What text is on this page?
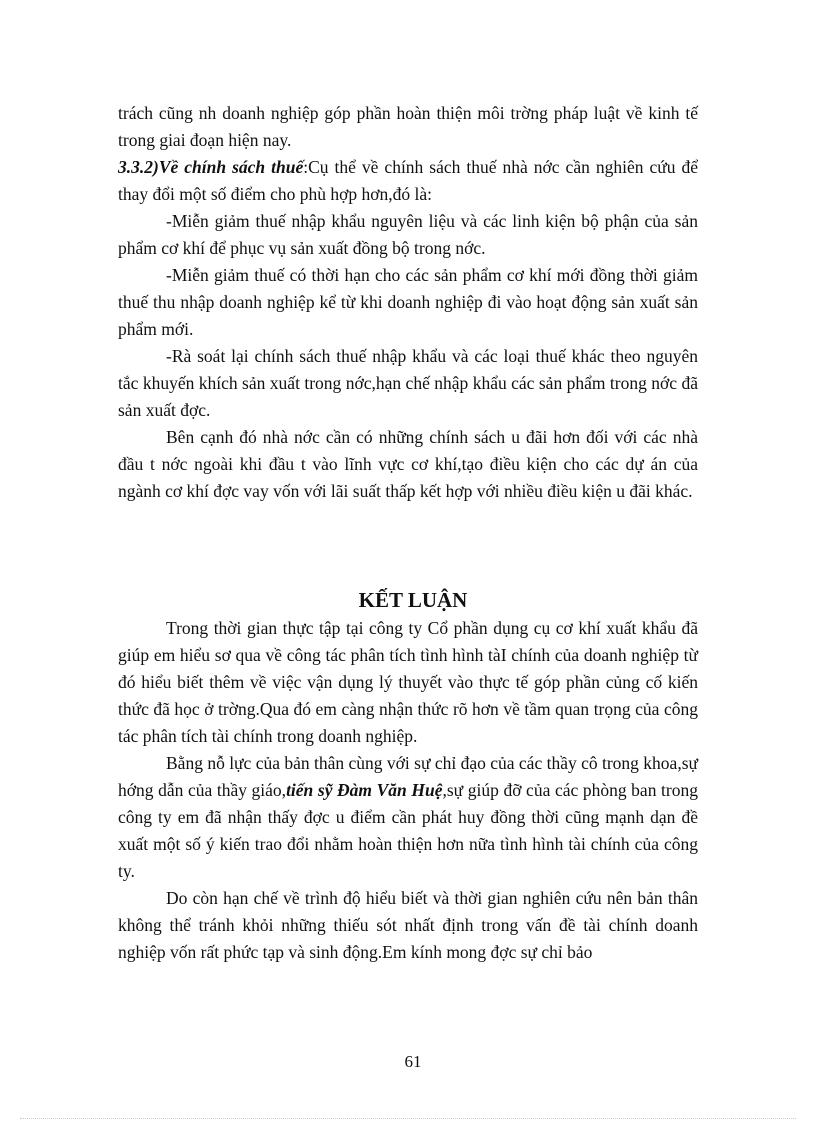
trách cũng nh doanh nghiệp góp phần hoàn thiện môi trờng pháp luật về kinh tế trong giai đoạn hiện nay.

3.3.2)Về chính sách thuế:Cụ thể về chính sách thuế nhà nớc cần nghiên cứu để thay đổi một số điểm cho phù hợp hơn,đó là:

-Miễn giảm thuế nhập khẩu nguyên liệu và các linh kiện bộ phận của sản phẩm cơ khí để phục vụ sản xuất đồng bộ trong nớc.

-Miễn giảm thuế có thời hạn cho các sản phẩm cơ khí mới đồng thời giảm thuế thu nhập doanh nghiệp kể từ khi doanh nghiệp đi vào hoạt động sản xuất sản phẩm mới.

-Rà soát lại chính sách thuế nhập khẩu và các loại thuế khác theo nguyên tắc khuyến khích sản xuất trong nớc,hạn chế nhập khẩu các sản phẩm trong nớc đã sản xuất đợc.

Bên cạnh đó nhà nớc cần có những chính sách u đãi hơn đối với các nhà đầu t nớc ngoài khi đầu t vào lĩnh vực cơ khí,tạo điều kiện cho các dự án của ngành cơ khí đợc vay vốn với lãi suất thấp kết hợp với nhiều điều kiện u đãi khác.

KẾT LUẬN

Trong thời gian thực tập tại công ty Cổ phần dụng cụ cơ khí xuất khẩu đã giúp em hiểu sơ qua về công tác phân tích tình hình tàI chính của doanh nghiệp từ đó hiểu biết thêm về việc vận dụng lý thuyết vào thực tế góp phần củng cố kiến thức đã học ở trờng.Qua đó em càng nhận thức rõ hơn về tầm quan trọng của công tác phân tích tài chính trong doanh nghiệp.

Bằng nỗ lực của bản thân cùng với sự chỉ đạo của các thầy cô trong khoa,sự hớng dẫn của thầy giáo,tiến sỹ Đàm Văn Huệ,sự giúp đỡ của các phòng ban trong công ty em đã nhận thấy đợc u điểm cần phát huy đồng thời cũng mạnh dạn đề xuất một số ý kiến trao đổi nhằm hoàn thiện hơn nữa tình hình tài chính của công ty.

Do còn hạn chế về trình độ hiểu biết và thời gian nghiên cứu nên bản thân không thể tránh khỏi những thiếu sót nhất định trong vấn đề tài chính doanh nghiệp vốn rất phức tạp và sinh động.Em kính mong đợc sự chỉ bảo

61
